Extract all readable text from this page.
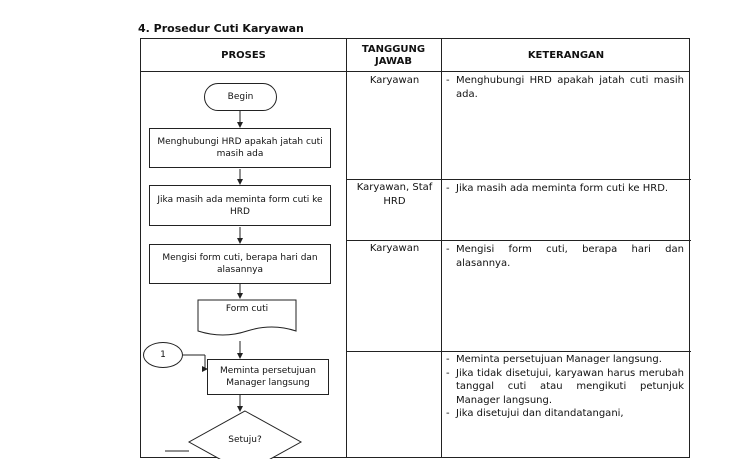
4. Prosedur Cuti Karyawan
PROSES
TANGGUNG JAWAB
KETERANGAN
Karyawan	- Menghubungi HRD apakah jatah cuti masih ada.
Karyawan, Staf HRD
- Jika masih ada meminta form cuti ke HRD.
Karyawan	- Mengisi form cuti, berapa hari dan alasannya.
- Meminta persetujuan Manager langsung.
- Jika tidak disetujui, karyawan harus merubah tanggal cuti atau mengikuti petunjuk Manager langsung.
- Jika disetujui dan ditandatangani,
Begin
Menghubungi HRD apakah jatah cuti masih ada
Jika masih ada meminta form cuti ke HRD
Mengisi form cuti, berapa hari dan alasannya
Form cuti
1
Meminta persetujuan Manager langsung
Setuju?
